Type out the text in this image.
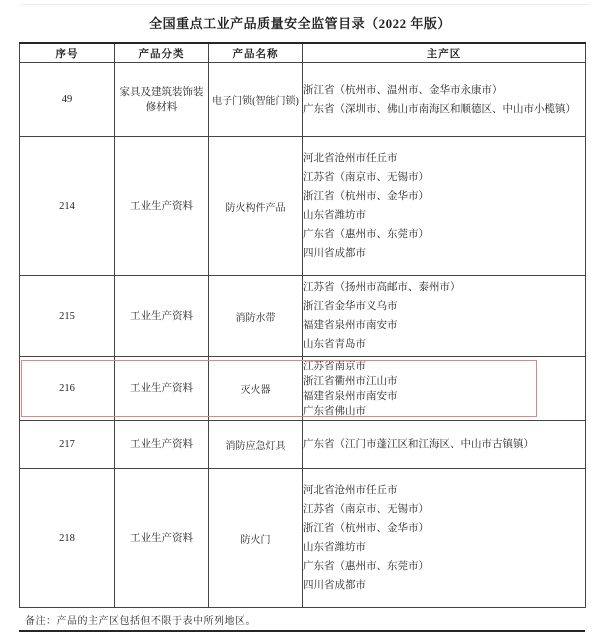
全国重点工业产品质量安全监管目录（2022 年版）
序号	产品分类	产品名称	主产区
49	家具及建筑装饰装修材料	电子门锁(智能门锁)	浙江省（杭州市、温州市、金华市永康市）
广东省（深圳市、佛山市南海区和顺德区、中山市小榄镇）

214	工业生产资料	防火构件产品	
河北省沧州市任丘市
江苏省（南京市、无锡市）
浙江省（杭州市、金华市）
山东省潍坊市
广东省（惠州市、东莞市）
四川省成都市

215	工业生产资料	消防水带	江苏省（扬州市高邮市、泰州市）
浙江省金华市义乌市
福建省泉州市南安市
山东省青岛市

216	工业生产资料	灭火器	江苏省南京市
浙江省衢州市江山市
福建省泉州市南安市
广东省佛山市

217	工业生产资料	消防应急灯具	广东省（江门市蓬江区和江海区、中山市古镇镇）

218	工业生产资料	防火门	
河北省沧州市任丘市
江苏省（南京市、无锡市）
浙江省（杭州市、金华市）
山东省潍坊市
广东省（惠州市、东莞市）
四川省成都市
备注：产品的主产区包括但不限于表中所列地区。
